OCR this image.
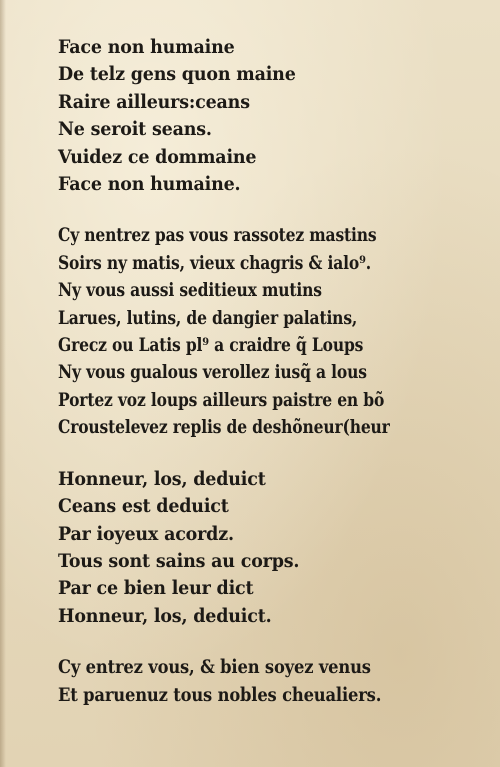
Face non humaine
De telz gens quon maine
Raire ailleurs:ceans
Ne seroit seans.
Vuidez ce dommaine
Face non humaine.
Cy nentrez pas vous rassotez mastins
Soirs ny matis, vieux chagris & ialo⁹.
Ny vous aussi seditieux mutins
Larues, lutins, de dangier palatins,
Grecz ou Latis pl⁹ a craidre q̃ Loups
Ny vous gualous verollez iusq̃ a lous
Portez voz loups ailleurs paistre en bõ
Croustelevez replis de deshõneur(heur
Honneur, los, deduict
Ceans est deduict
Par ioyeux acordz.
Tous sont sains au corps.
Par ce bien leur dict
Honneur, los, deduict.
Cy entrez vous, & bien soyez venus
Et paruenuz tous nobles cheualiers.
